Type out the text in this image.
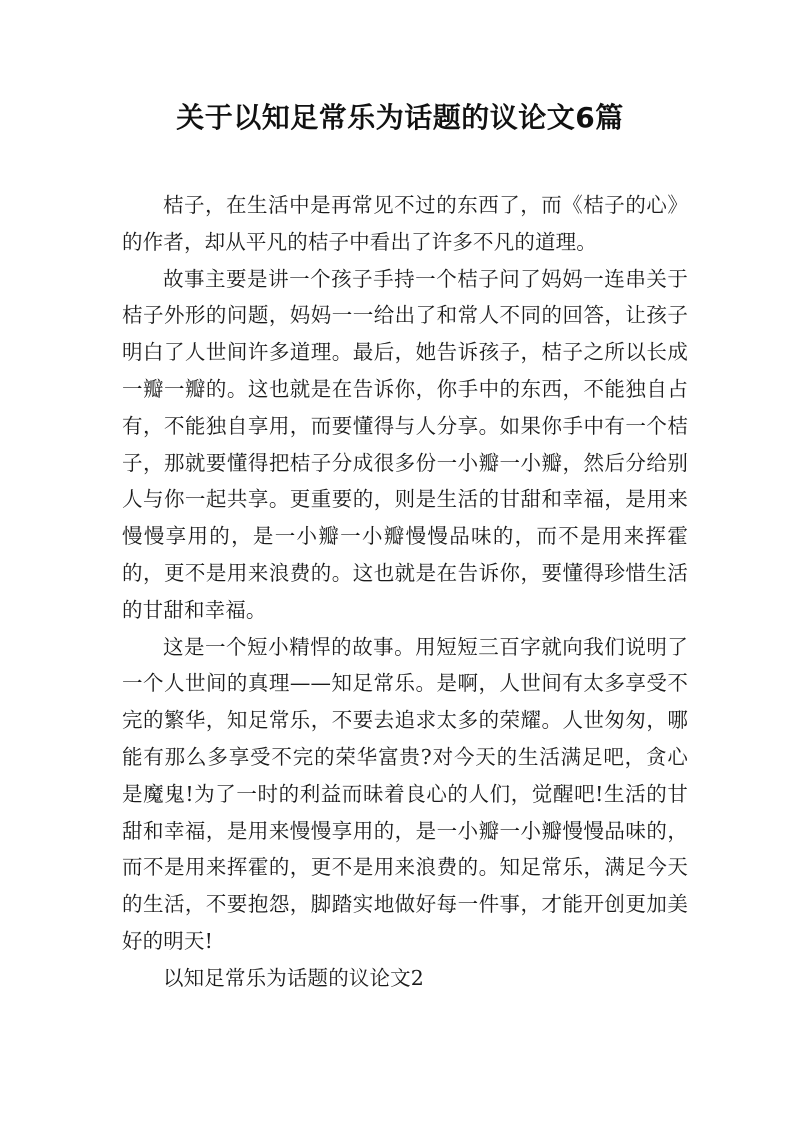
关于以知足常乐为话题的议论文6篇

桔子，在生活中是再常见不过的东西了，而《桔子的心》的作者，却从平凡的桔子中看出了许多不凡的道理。

故事主要是讲一个孩子手持一个桔子问了妈妈一连串关于桔子外形的问题，妈妈一一给出了和常人不同的回答，让孩子明白了人世间许多道理。最后，她告诉孩子，桔子之所以长成一瓣一瓣的。这也就是在告诉你，你手中的东西，不能独自占有，不能独自享用，而要懂得与人分享。如果你手中有一个桔子，那就要懂得把桔子分成很多份一小瓣一小瓣，然后分给别人与你一起共享。更重要的，则是生活的甘甜和幸福，是用来慢慢享用的，是一小瓣一小瓣慢慢品味的，而不是用来挥霍的，更不是用来浪费的。这也就是在告诉你，要懂得珍惜生活的甘甜和幸福。

这是一个短小精悍的故事。用短短三百字就向我们说明了一个人世间的真理——知足常乐。是啊，人世间有太多享受不完的繁华，知足常乐，不要去追求太多的荣耀。人世匆匆，哪能有那么多享受不完的荣华富贵?对今天的生活满足吧，贪心是魔鬼!为了一时的利益而昧着良心的人们，觉醒吧!生活的甘甜和幸福，是用来慢慢享用的，是一小瓣一小瓣慢慢品味的，而不是用来挥霍的，更不是用来浪费的。知足常乐，满足今天的生活，不要抱怨，脚踏实地做好每一件事，才能开创更加美好的明天!

以知足常乐为话题的议论文2
